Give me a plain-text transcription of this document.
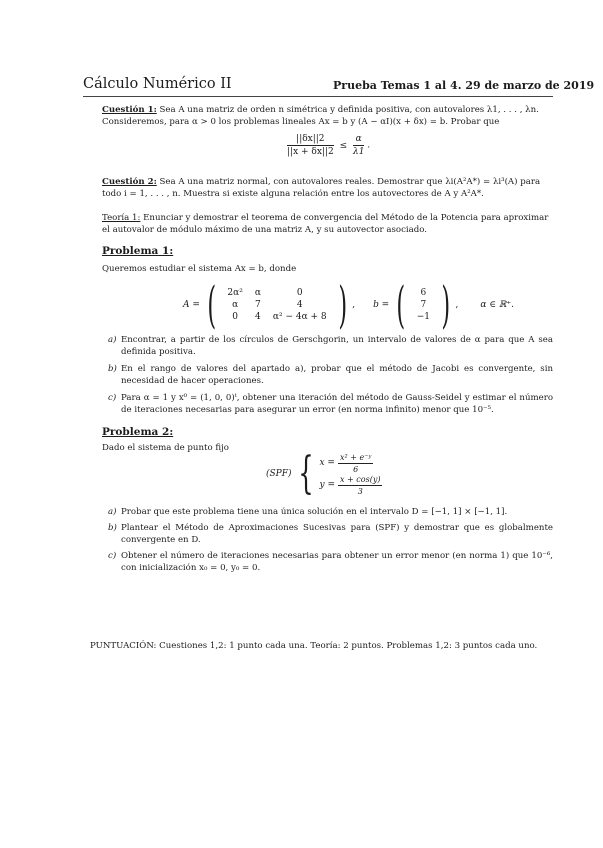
Cálculo Numérico II	Prueba Temas 1 al 4. 29 de marzo de 2019
Cuestión 1: Sea A una matriz de orden n simétrica y definida positiva, con autovalores λ1, . . . , λn.
Consideremos, para α > 0 los problemas lineales Ax = b y (A − αI)(x + δx) = b. Probar que
$\frac{||\delta x||2}{||x + \delta x||2} \le \frac{\alpha}{\lambda 1}$ .
Cuestión 2: Sea A una matriz normal, con autovalores reales. Demostrar que λi(A²A*) = λi³(A) para
todo i = 1, . . . , n. Muestra si existe alguna relación entre los autovectores de A y A²A*.
Teoría 1: Enunciar y demostrar el teorema de convergencia del Método de la Potencia para aproximar
el autovalor de módulo máximo de una matriz A, y su autovector asociado.
Problema 1:
Queremos estudiar el sistema Ax = b, donde
A = ( 2α²	α	0
α	7	4
0	4	α² − 4α + 8 ) , b = ( 6
7
−1 ) , α ∈ ℝ⁺.
a) Encontrar, a partir de los círculos de Gerschgorin, un intervalo de valores de α para que A sea definida positiva.
b) En el rango de valores del apartado a), probar que el método de Jacobi es convergente, sin necesidad de hacer operaciones.
c) Para α = 1 y x⁰ = (1, 0, 0)ᵗ, obtener una iteración del método de Gauss-Seidel y estimar el número de iteraciones necesarias para asegurar un error (en norma infinito) menor que 10⁻⁵.
Problema 2:
Dado el sistema de punto fijo
(SPF) { $x = \frac{\text{x² + e⁻ʸ}}{6}$
$y = \frac{x + \cos(y)}{3}$
a) Probar que este problema tiene una única solución en el intervalo D = [−1, 1] × [−1, 1].
b) Plantear el Método de Aproximaciones Sucesivas para (SPF) y demostrar que es globalmente convergente en D.
c) Obtener el número de iteraciones necesarias para obtener un error menor (en norma 1) que 10⁻⁶, con inicialización x₀ = 0, y₀ = 0.
PUNTUACIÓN: Cuestiones 1,2: 1 punto cada una. Teoría: 2 puntos. Problemas 1,2: 3 puntos cada uno.
